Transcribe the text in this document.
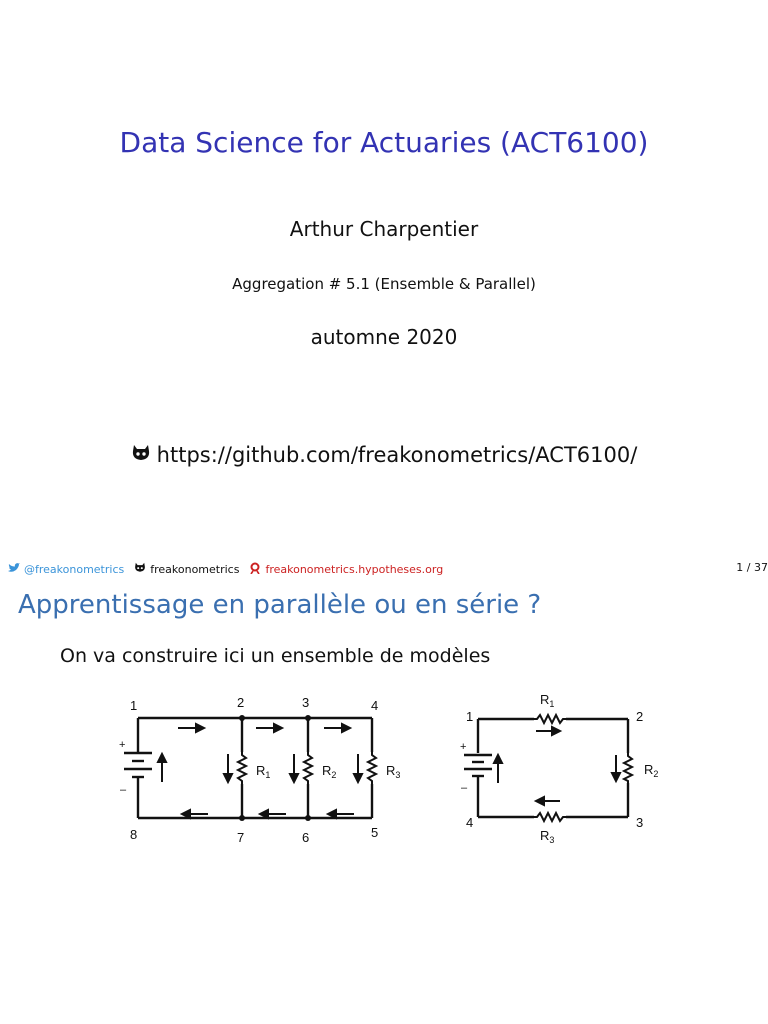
Data Science for Actuaries (ACT6100)
Arthur Charpentier
Aggregation # 5.1 (Ensemble & Parallel)
automne 2020
https://github.com/freakonometrics/ACT6100/
@freakonometrics freakonometrics freakonometrics.hypotheses.org	1 / 37
Apprentissage en parallèle ou en série ?
On va construire ici un ensemble de modèles
1	2	3	4
5
6
7
8
+
–
$R_1$	$R_2$	$R_3$
1	2
3
4
+
–
$R_1$
$R_2$
$R_3$
